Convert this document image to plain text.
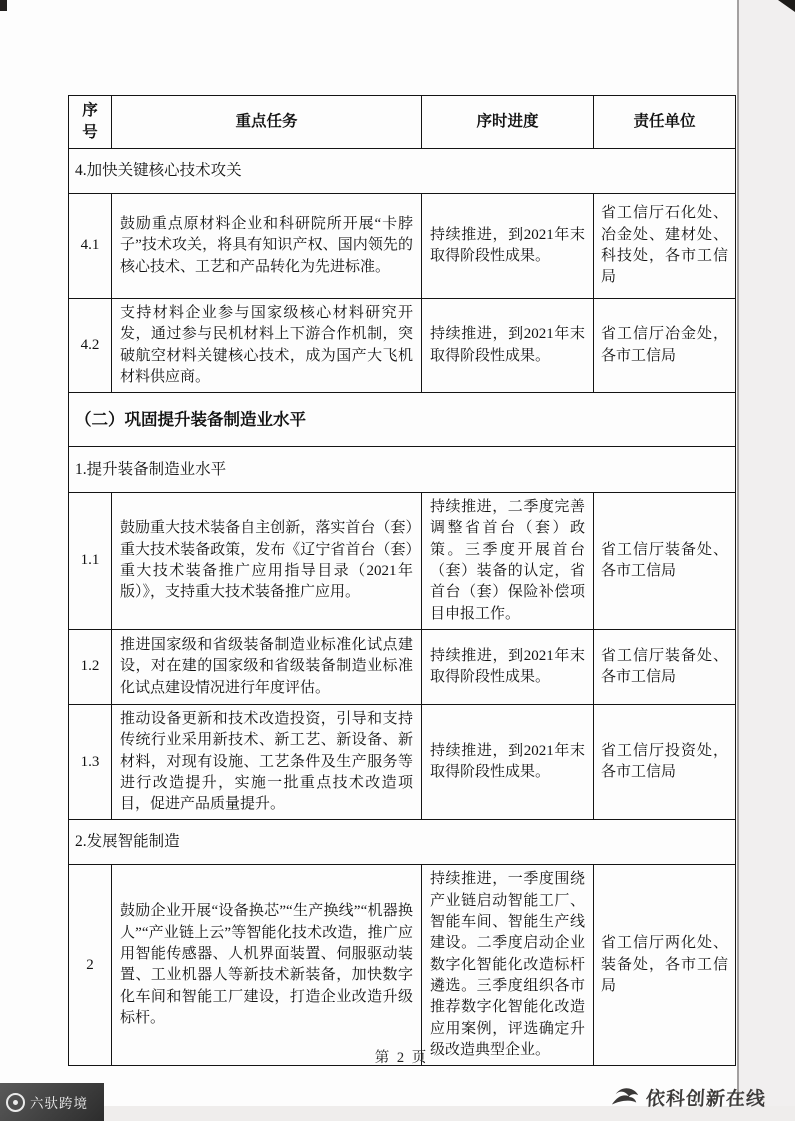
序号	重点任务	序时进度	责任单位
4.加快关键核心技术攻关			
4.1	鼓励重点原材料企业和科研院所开展“卡脖子”技术攻关，将具有知识产权、国内领先的核心技术、工艺和产品转化为先进标准。	持续推进，到2021年末取得阶段性成果。	省工信厅石化处、冶金处、建材处、科技处，各市工信局
4.2	支持材料企业参与国家级核心材料研究开发，通过参与民机材料上下游合作机制，突破航空材料关键核心技术，成为国产大飞机材料供应商。	持续推进，到2021年末取得阶段性成果。	省工信厅冶金处，各市工信局
（二）巩固提升装备制造业水平			
1.提升装备制造业水平			
1.1	鼓励重大技术装备自主创新，落实首台（套）重大技术装备政策，发布《辽宁省首台（套）重大技术装备推广应用指导目录（2021年版）》，支持重大技术装备推广应用。	持续推进，二季度完善调整省首台（套）政策。三季度开展首台（套）装备的认定，省首台（套）保险补偿项目申报工作。	省工信厅装备处、各市工信局
1.2	推进国家级和省级装备制造业标准化试点建设，对在建的国家级和省级装备制造业标准化试点建设情况进行年度评估。	持续推进，到2021年末取得阶段性成果。	省工信厅装备处、各市工信局
1.3	推动设备更新和技术改造投资，引导和支持传统行业采用新技术、新工艺、新设备、新材料，对现有设施、工艺条件及生产服务等进行改造提升，实施一批重点技术改造项目，促进产品质量提升。	持续推进，到2021年末取得阶段性成果。	省工信厅投资处，各市工信局
2.发展智能制造			
2	鼓励企业开展“设备换芯”“生产换线”“机器换人”“产业链上云”等智能化技术改造，推广应用智能传感器、人机界面装置、伺服驱动装置、工业机器人等新技术新装备，加快数字化车间和智能工厂建设，打造企业改造升级标杆。	持续推进，一季度围绕产业链启动智能工厂、智能车间、智能生产线建设。二季度启动企业数字化智能化改造标杆遴选。三季度组织各市推荐数字化智能化改造应用案例，评选确定升级改造典型企业。	省工信厅两化处、装备处，各市工信局
第 2 页
六驮跨境	依科创新在线
